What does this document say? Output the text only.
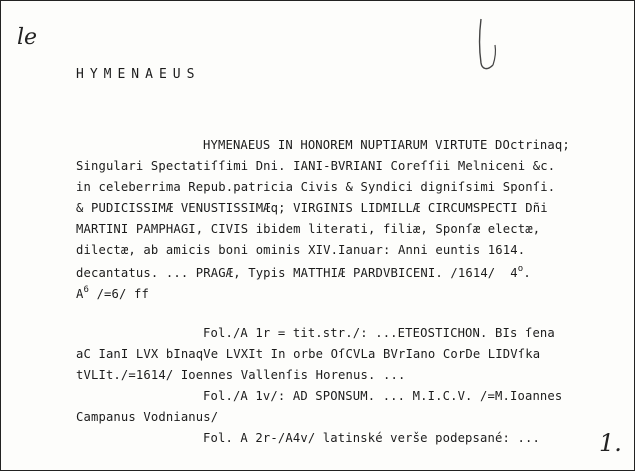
le
HYMENAEUS
HYMENAEUS IN HONOREM NUPTIARUM VIRTUTE DOctrinaq;
Singulari Spectatiſſimi Dni. IANI-BVRIANI Coreſſii Melniceni &c.
in celeberrima Repub.patricia Civis & Syndici digniſsimi Sponſi.
& PUDICISSIMÆ VENUSTISSIMÆq; VIRGINIS LIDMILLÆ CIRCUMSPECTI Dñi
MARTINI PAMPHAGI, CIVIS ibidem literati, filiæ, Sponſæ electæ,
dilectæ, ab amicis boni ominis XIV.Ianuar: Anni euntis 1614.
decantatus. ... PRAGÆ, Typis MATTHIÆ PARDVBICENI. /1614/  4$^o$.
$A^6$ /=6/ ff
Fol./A 1r = tit.str./: ...ETEOSTICHON. BIs ſena
aC IanI LVX bInaqVe LVXIt In orbe OſCVLa BVrIano CorDe LIDVſka
tVLIt./=1614/ Ioennes Vallenſis Horenus. ...
Fol./A 1v/: AD SPONSUM. ... M.I.C.V. /=M.Ioannes
Campanus Vodnianus/
Fol. A 2r-/A4v/ latinské verše podepsané: ... 1.
